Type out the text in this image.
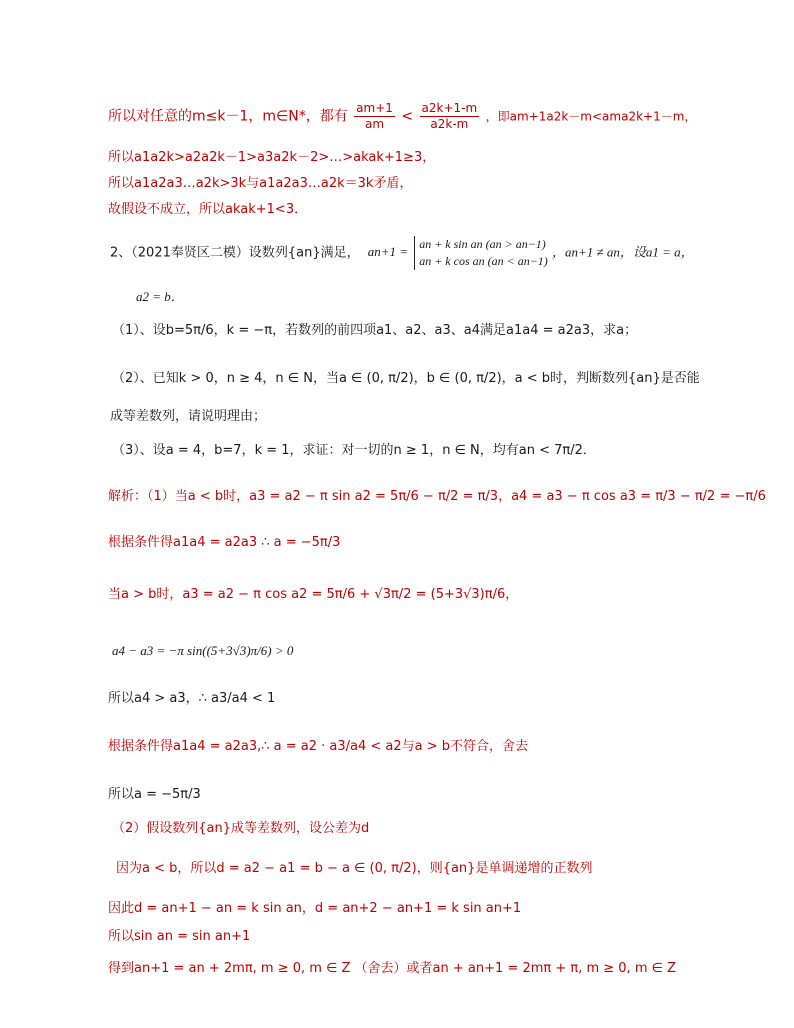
所以对任意的m≤k－1，m∈N*，都有 $\frac{am+1}{am} < \frac{a2k+1-m}{a2k-m}$ ，即am+1a2k－m<ama2k+1－m，
所以a1a2k>a2a2k－1>a3a2k－2>…>akak+1≥3，
所以a1a2a3…a2k>3k与a1a2a3…a2k＝3k矛盾，
故假设不成立，所以akak+1<3．
2、（2021奉贤区二模）设数列{an}满足， an+1 =
an + k sin an (an > an−1)
an + k cos an (an < an−1)
，an+1 ≠ an，设a1 = a，
a2 = b．
（1）、设b=5π/6，k = −π，若数列的前四项a1、a2、a3、a4满足a1a4 = a2a3，求a；
（2）、已知k > 0，n ≥ 4，n ∈ N，当a ∈ (0, π/2)，b ∈ (0, π/2)，a < b时，判断数列{an}是否能
成等差数列，请说明理由；
（3）、设a = 4，b=7，k = 1，求证：对一切的n ≥ 1，n ∈ N，均有an < 7π/2．
解析：（1）当a < b时，a3 = a2 − π sin a2 = 5π/6 − π/2 = π/3，a4 = a3 − π cos a3 = π/3 − π/2 = −π/6
根据条件得a1a4 = a2a3 ∴ a = −5π/3
当a > b时，a3 = a2 − π cos a2 = 5π/6 + √3π/2 = (5+3√3)π/6，
a4 − a3 = −π sin((5+3√3)π/6) > 0
所以a4 > a3，∴ a3/a4 < 1
根据条件得a1a4 = a2a3,∴ a = a2 · a3/a4 < a2与a > b不符合，舍去
所以a = −5π/3
（2）假设数列{an}成等差数列，设公差为d
因为a < b，所以d = a2 − a1 = b − a ∈ (0, π/2)，则{an}是单调递增的正数列
因此d = an+1 − an = k sin an，d = an+2 − an+1 = k sin an+1
所以sin an = sin an+1
得到an+1 = an + 2mπ, m ≥ 0, m ∈ Z （舍去）或者an + an+1 = 2mπ + π, m ≥ 0, m ∈ Z
